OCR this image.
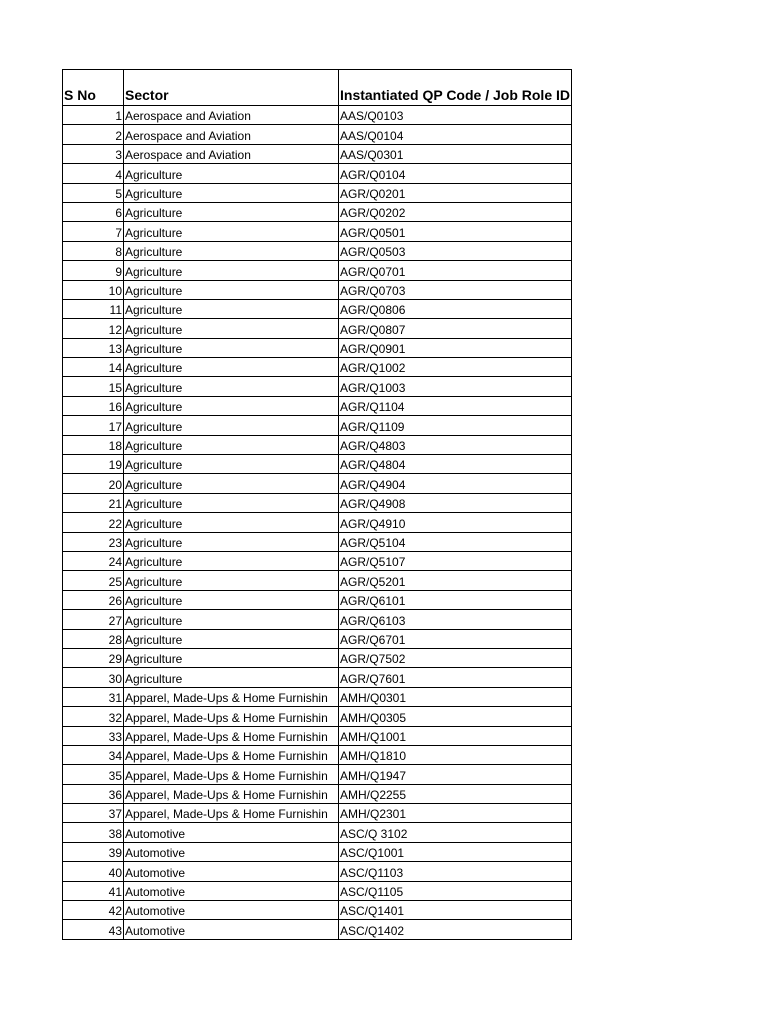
S No	Sector	Instantiated QP Code / Job Role ID
1	Aerospace and Aviation	AAS/Q0103
2	Aerospace and Aviation	AAS/Q0104
3	Aerospace and Aviation	AAS/Q0301
4	Agriculture	AGR/Q0104
5	Agriculture	AGR/Q0201
6	Agriculture	AGR/Q0202
7	Agriculture	AGR/Q0501
8	Agriculture	AGR/Q0503
9	Agriculture	AGR/Q0701
10	Agriculture	AGR/Q0703
11	Agriculture	AGR/Q0806
12	Agriculture	AGR/Q0807
13	Agriculture	AGR/Q0901
14	Agriculture	AGR/Q1002
15	Agriculture	AGR/Q1003
16	Agriculture	AGR/Q1104
17	Agriculture	AGR/Q1109
18	Agriculture	AGR/Q4803
19	Agriculture	AGR/Q4804
20	Agriculture	AGR/Q4904
21	Agriculture	AGR/Q4908
22	Agriculture	AGR/Q4910
23	Agriculture	AGR/Q5104
24	Agriculture	AGR/Q5107
25	Agriculture	AGR/Q5201
26	Agriculture	AGR/Q6101
27	Agriculture	AGR/Q6103
28	Agriculture	AGR/Q6701
29	Agriculture	AGR/Q7502
30	Agriculture	AGR/Q7601
31	Apparel, Made-Ups & Home Furnishin	AMH/Q0301
32	Apparel, Made-Ups & Home Furnishin	AMH/Q0305
33	Apparel, Made-Ups & Home Furnishin	AMH/Q1001
34	Apparel, Made-Ups & Home Furnishin	AMH/Q1810
35	Apparel, Made-Ups & Home Furnishin	AMH/Q1947
36	Apparel, Made-Ups & Home Furnishin	AMH/Q2255
37	Apparel, Made-Ups & Home Furnishin	AMH/Q2301
38	Automotive	ASC/Q 3102
39	Automotive	ASC/Q1001
40	Automotive	ASC/Q1103
41	Automotive	ASC/Q1105
42	Automotive	ASC/Q1401
43	Automotive	ASC/Q1402
